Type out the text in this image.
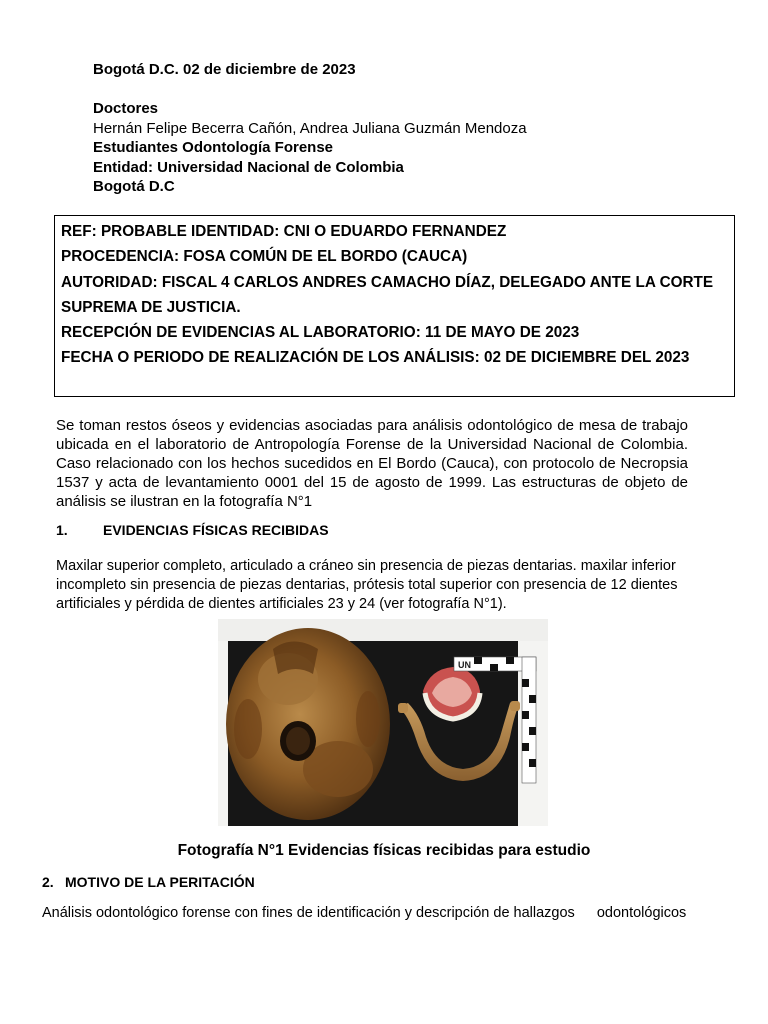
Bogotá D.C. 02 de diciembre de 2023
Doctores
Hernán Felipe Becerra Cañón, Andrea Juliana Guzmán Mendoza
Estudiantes Odontología Forense
Entidad: Universidad Nacional de Colombia
Bogotá D.C
REF: PROBABLE IDENTIDAD: CNI O EDUARDO FERNANDEZ
PROCEDENCIA: FOSA COMÚN DE EL BORDO (CAUCA)
AUTORIDAD: FISCAL 4 CARLOS ANDRES CAMACHO DÍAZ, DELEGADO ANTE LA CORTE
SUPREMA DE JUSTICIA.
RECEPCIÓN DE EVIDENCIAS AL LABORATORIO: 11 DE MAYO DE 2023
FECHA O PERIODO DE REALIZACIÓN DE LOS ANÁLISIS: 02 DE DICIEMBRE DEL 2023
Se toman restos óseos y evidencias asociadas para análisis odontológico de mesa de trabajo ubicada en el laboratorio de Antropología Forense de la Universidad Nacional de Colombia. Caso relacionado con los hechos sucedidos en El Bordo (Cauca), con protocolo de Necropsia 1537 y acta de levantamiento 0001 del 15 de agosto de 1999. Las estructuras de objeto de análisis se ilustran en la fotografía N°1
1.	EVIDENCIAS FÍSICAS RECIBIDAS
Maxilar superior completo, articulado a cráneo sin presencia de piezas dentarias. maxilar inferior
incompleto sin presencia de piezas dentarias, prótesis total superior con presencia de 12 dientes
artificiales y pérdida de dientes artificiales 23 y 24 (ver fotografía N°1).
UN
Fotografía N°1 Evidencias físicas recibidas para estudio
2. MOTIVO DE LA PERITACIÓN
Análisis odontológico forense con fines de identificación y descripción de hallazgos odontológicos
